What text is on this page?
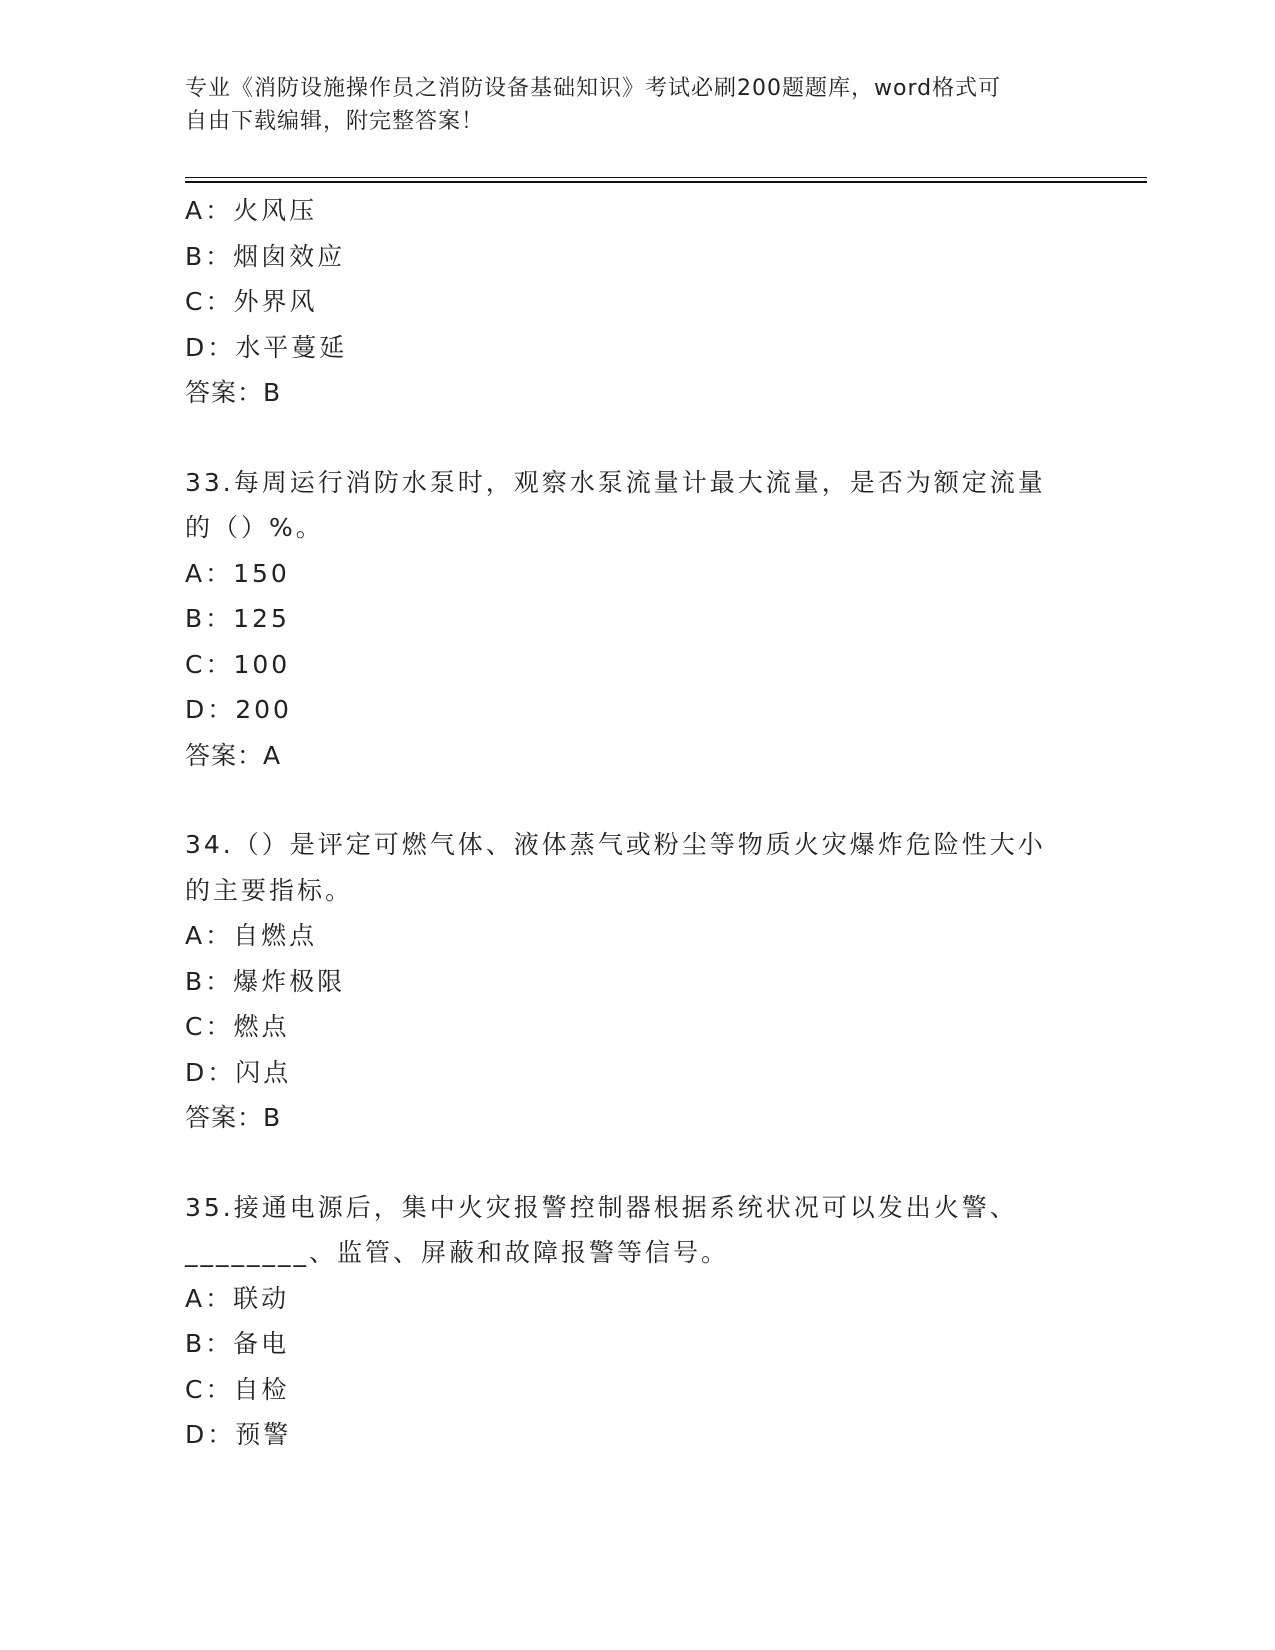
专业《消防设施操作员之消防设备基础知识》考试必刷200题题库，word格式可
自由下载编辑，附完整答案！
A：火风压
B：烟囱效应
C：外界风
D：水平蔓延
答案：B
33.每周运行消防水泵时，观察水泵流量计最大流量，是否为额定流量
的（）%。
A：150
B：125
C：100
D：200
答案：A
34.（）是评定可燃气体、液体蒸气或粉尘等物质火灾爆炸危险性大小
的主要指标。
A：自燃点
B：爆炸极限
C：燃点
D：闪点
答案：B
35.接通电源后，集中火灾报警控制器根据系统状况可以发出火警、
________、监管、屏蔽和故障报警等信号。
A：联动
B：备电
C：自检
D：预警
